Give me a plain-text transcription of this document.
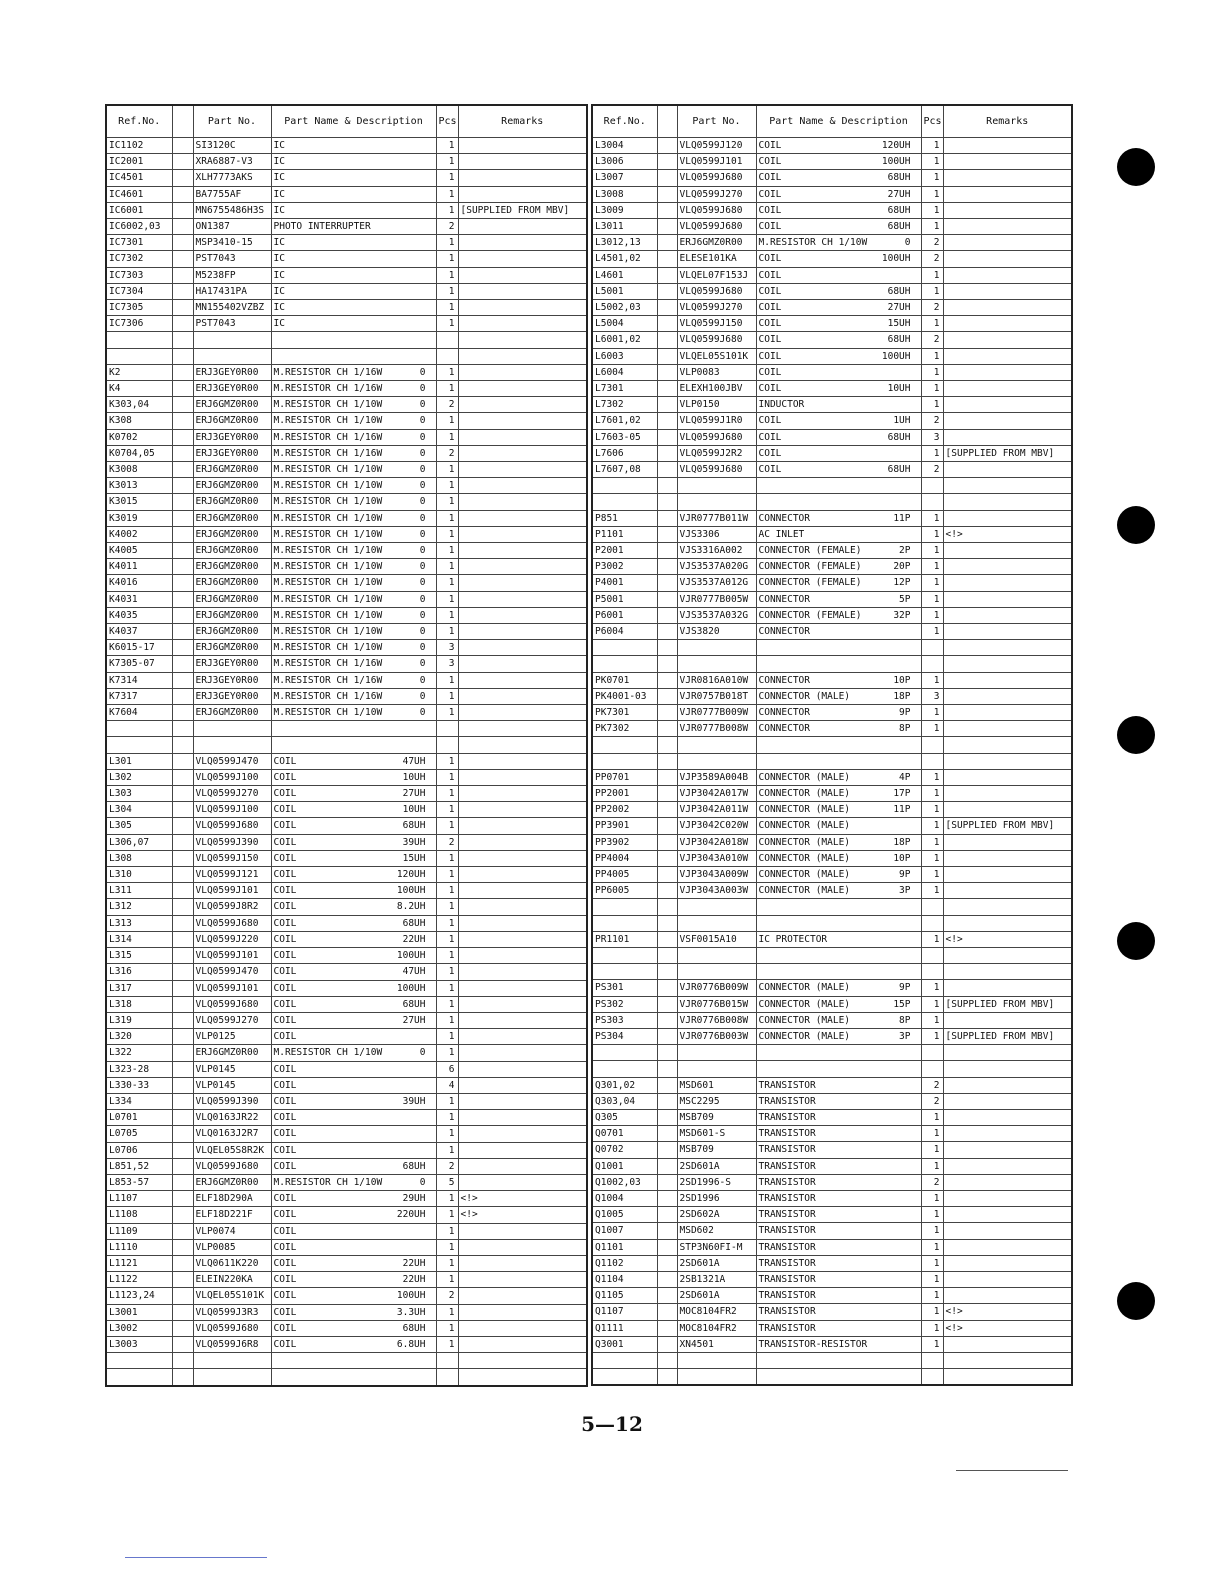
Ref.No.		Part No.	Part Name & Description	Pcs	Remarks
IC1102		SI3120C	IC	1	
IC2001		XRA6887-V3	IC	1	
IC4501		XLH7773AKS	IC	1	
IC4601		BA7755AF	IC	1	
IC6001		MN6755486H3S	IC	1	[SUPPLIED FROM MBV]
IC6002,03		ON1387	PHOTO INTERRUPTER	2	
IC7301		MSP3410-15	IC	1	
IC7302		PST7043	IC	1	
IC7303		M5238FP	IC	1	
IC7304		HA17431PA	IC	1	
IC7305		MN155402VZBZ	IC	1	
IC7306		PST7043	IC	1	

K2		ERJ3GEY0R00	M.RESISTOR CH 1/16W 0	1	
K4		ERJ3GEY0R00	M.RESISTOR CH 1/16W 0	1	
K303,04		ERJ6GMZ0R00	M.RESISTOR CH 1/10W 0	2	
K308		ERJ6GMZ0R00	M.RESISTOR CH 1/10W 0	1	
K0702		ERJ3GEY0R00	M.RESISTOR CH 1/16W 0	1	
K0704,05		ERJ3GEY0R00	M.RESISTOR CH 1/16W 0	2	
K3008		ERJ6GMZ0R00	M.RESISTOR CH 1/10W 0	1	
K3013		ERJ6GMZ0R00	M.RESISTOR CH 1/10W 0	1	
K3015		ERJ6GMZ0R00	M.RESISTOR CH 1/10W 0	1	
K3019		ERJ6GMZ0R00	M.RESISTOR CH 1/10W 0	1	
K4002		ERJ6GMZ0R00	M.RESISTOR CH 1/10W 0	1	
K4005		ERJ6GMZ0R00	M.RESISTOR CH 1/10W 0	1	
K4011		ERJ6GMZ0R00	M.RESISTOR CH 1/10W 0	1	
K4016		ERJ6GMZ0R00	M.RESISTOR CH 1/10W 0	1	
K4031		ERJ6GMZ0R00	M.RESISTOR CH 1/10W 0	1	
K4035		ERJ6GMZ0R00	M.RESISTOR CH 1/10W 0	1	
K4037		ERJ6GMZ0R00	M.RESISTOR CH 1/10W 0	1	
K6015-17		ERJ6GMZ0R00	M.RESISTOR CH 1/10W 0	3	
K7305-07		ERJ3GEY0R00	M.RESISTOR CH 1/16W 0	3	
K7314		ERJ3GEY0R00	M.RESISTOR CH 1/16W 0	1	
K7317		ERJ3GEY0R00	M.RESISTOR CH 1/16W 0	1	
K7604		ERJ6GMZ0R00	M.RESISTOR CH 1/10W 0	1	

L301		VLQ0599J470	COIL 47UH	1	
L302		VLQ0599J100	COIL 10UH	1	
L303		VLQ0599J270	COIL 27UH	1	
L304		VLQ0599J100	COIL 10UH	1	
L305		VLQ0599J680	COIL 68UH	1	
L306,07		VLQ0599J390	COIL 39UH	2	
L308		VLQ0599J150	COIL 15UH	1	
L310		VLQ0599J121	COIL 120UH	1	
L311		VLQ0599J101	COIL 100UH	1	
L312		VLQ0599J8R2	COIL 8.2UH	1	
L313		VLQ0599J680	COIL 68UH	1	
L314		VLQ0599J220	COIL 22UH	1	
L315		VLQ0599J101	COIL 100UH	1	
L316		VLQ0599J470	COIL 47UH	1	
L317		VLQ0599J101	COIL 100UH	1	
L318		VLQ0599J680	COIL 68UH	1	
L319		VLQ0599J270	COIL 27UH	1	
L320		VLP0125	COIL	1	
L322		ERJ6GMZ0R00	M.RESISTOR CH 1/10W 0	1	
L323-28		VLP0145	COIL	6	
L330-33		VLP0145	COIL	4	
L334		VLQ0599J390	COIL 39UH	1	
L0701		VLQ0163JR22	COIL	1	
L0705		VLQ0163J2R7	COIL	1	
L0706		VLQEL05S8R2K	COIL	1	
L851,52		VLQ0599J680	COIL 68UH	2	
L853-57		ERJ6GMZ0R00	M.RESISTOR CH 1/10W 0	5	
L1107		ELF18D290A	COIL 29UH	1	<!>
L1108		ELF18D221F	COIL 220UH	1	<!>
L1109		VLP0074	COIL	1	
L1110		VLP0085	COIL	1	
L1121		VLQ0611K220	COIL 22UH	1	
L1122		ELEIN220KA	COIL 22UH	1	
L1123,24		VLQEL05S101K	COIL 100UH	2	
L3001		VLQ0599J3R3	COIL 3.3UH	1	
L3002		VLQ0599J680	COIL 68UH	1	
L3003		VLQ0599J6R8	COIL 6.8UH	1	

Ref.No.		Part No.	Part Name & Description	Pcs	Remarks
L3004		VLQ0599J120	COIL 120UH	1	
L3006		VLQ0599J101	COIL 100UH	1	
L3007		VLQ0599J680	COIL 68UH	1	
L3008		VLQ0599J270	COIL 27UH	1	
L3009		VLQ0599J680	COIL 68UH	1	
L3011		VLQ0599J680	COIL 68UH	1	
L3012,13		ERJ6GMZ0R00	M.RESISTOR CH 1/10W 0	2	
L4501,02		ELESE101KA	COIL 100UH	2	
L4601		VLQEL07F153J	COIL	1	
L5001		VLQ0599J680	COIL 68UH	1	
L5002,03		VLQ0599J270	COIL 27UH	2	
L5004		VLQ0599J150	COIL 15UH	1	
L6001,02		VLQ0599J680	COIL 68UH	2	
L6003		VLQEL05S101K	COIL 100UH	1	
L6004		VLP0083	COIL	1	
L7301		ELEXH100JBV	COIL 10UH	1	
L7302		VLP0150	INDUCTOR	1	
L7601,02		VLQ0599J1R0	COIL 1UH	2	
L7603-05		VLQ0599J680	COIL 68UH	3	
L7606		VLQ0599J2R2	COIL	1	[SUPPLIED FROM MBV]
L7607,08		VLQ0599J680	COIL 68UH	2	

P851		VJR0777B011W	CONNECTOR 11P	1	
P1101		VJS3306	AC INLET	1	<!>
P2001		VJS3316A002	CONNECTOR (FEMALE) 2P	1	
P3002		VJS3537A020G	CONNECTOR (FEMALE) 20P	1	
P4001		VJS3537A012G	CONNECTOR (FEMALE) 12P	1	
P5001		VJR0777B005W	CONNECTOR 5P	1	
P6001		VJS3537A032G	CONNECTOR (FEMALE) 32P	1	
P6004		VJS3820	CONNECTOR	1	

PK0701		VJR0816A010W	CONNECTOR 10P	1	
PK4001-03		VJR0757B018T	CONNECTOR (MALE) 18P	3	
PK7301		VJR0777B009W	CONNECTOR 9P	1	
PK7302		VJR0777B008W	CONNECTOR 8P	1	

PP0701		VJP3589A004B	CONNECTOR (MALE) 4P	1	
PP2001		VJP3042A017W	CONNECTOR (MALE) 17P	1	
PP2002		VJP3042A011W	CONNECTOR (MALE) 11P	1	
PP3901		VJP3042C020W	CONNECTOR (MALE)	1	[SUPPLIED FROM MBV]
PP3902		VJP3042A018W	CONNECTOR (MALE) 18P	1	
PP4004		VJP3043A010W	CONNECTOR (MALE) 10P	1	
PP4005		VJP3043A009W	CONNECTOR (MALE) 9P	1	
PP6005		VJP3043A003W	CONNECTOR (MALE) 3P	1	

PR1101		VSF0015A10	IC PROTECTOR	1	<!>

PS301		VJR0776B009W	CONNECTOR (MALE) 9P	1	
PS302		VJR0776B015W	CONNECTOR (MALE) 15P	1	[SUPPLIED FROM MBV]
PS303		VJR0776B008W	CONNECTOR (MALE) 8P	1	
PS304		VJR0776B003W	CONNECTOR (MALE) 3P	1	[SUPPLIED FROM MBV]

Q301,02		MSD601	TRANSISTOR	2	
Q303,04		MSC2295	TRANSISTOR	2	
Q305		MSB709	TRANSISTOR	1	
Q0701		MSD601-S	TRANSISTOR	1	
Q0702		MSB709	TRANSISTOR	1	
Q1001		2SD601A	TRANSISTOR	1	
Q1002,03		2SD1996-S	TRANSISTOR	2	
Q1004		2SD1996	TRANSISTOR	1	
Q1005		2SD602A	TRANSISTOR	1	
Q1007		MSD602	TRANSISTOR	1	
Q1101		STP3N60FI-M	TRANSISTOR	1	
Q1102		2SD601A	TRANSISTOR	1	
Q1104		2SB1321A	TRANSISTOR	1	
Q1105		2SD601A	TRANSISTOR	1	
Q1107		MOC8104FR2	TRANSISTOR	1	<!>
Q1111		MOC8104FR2	TRANSISTOR	1	<!>
Q3001		XN4501	TRANSISTOR-RESISTOR	1	

5—12
